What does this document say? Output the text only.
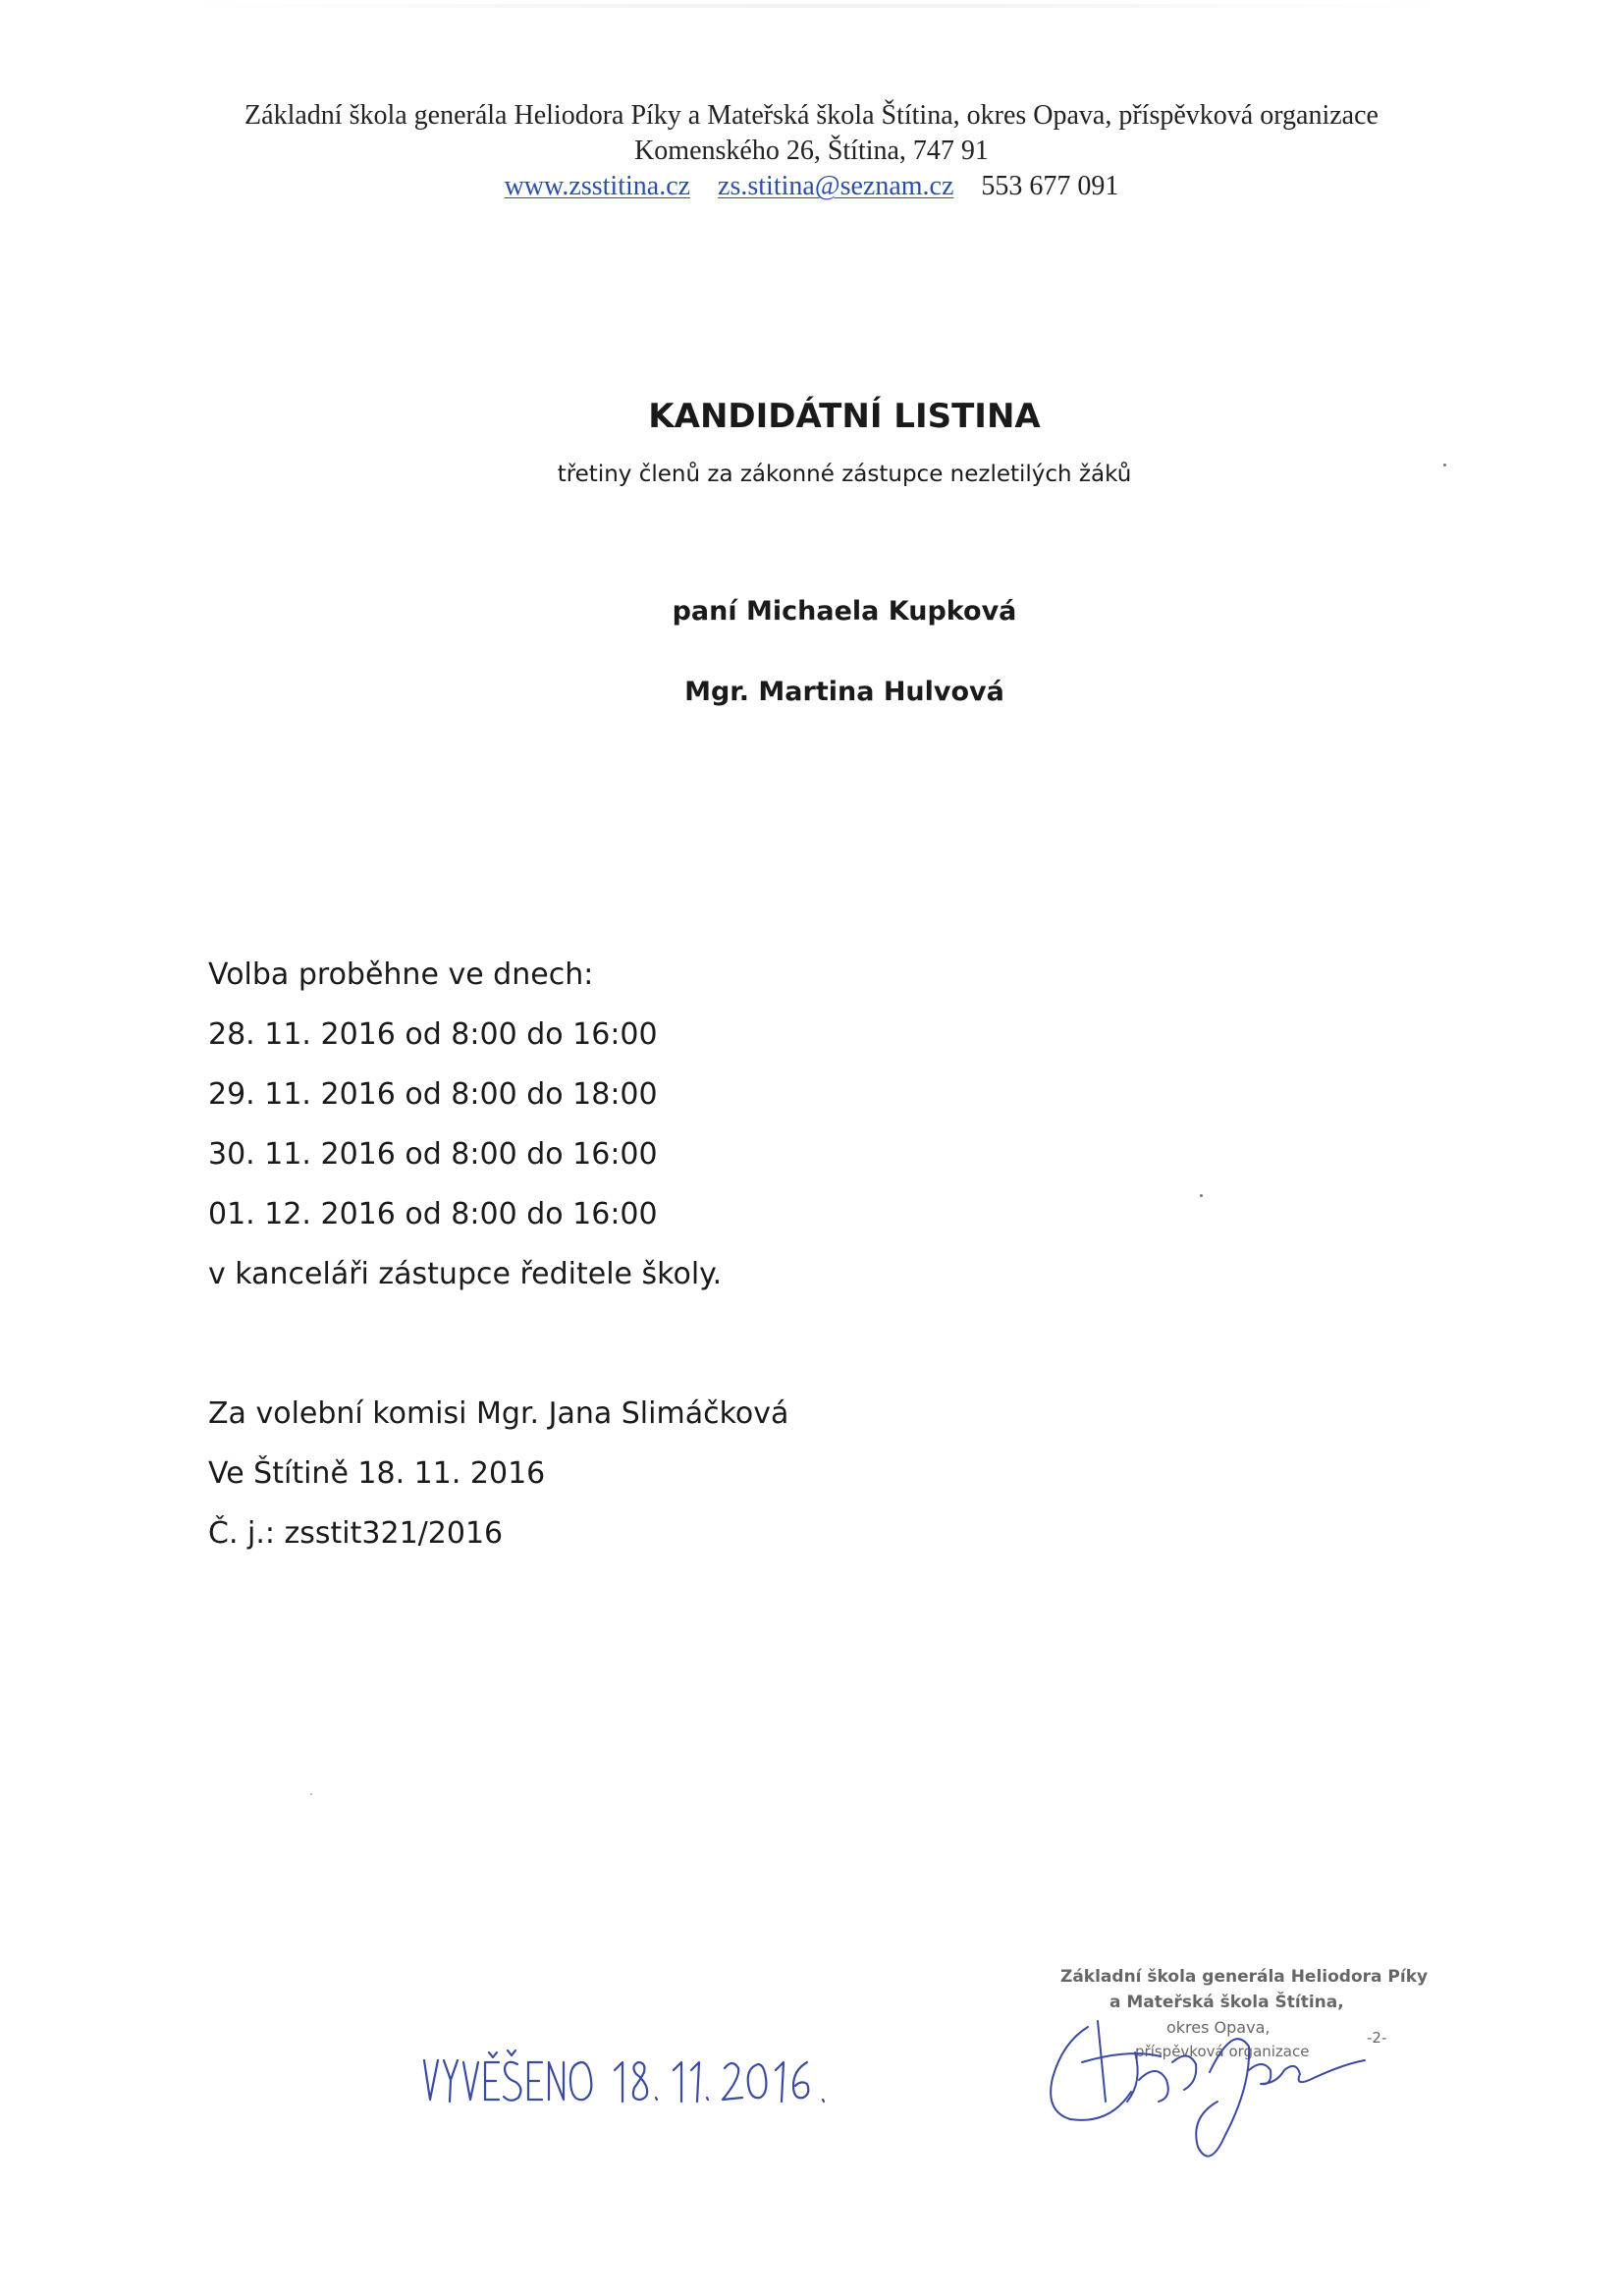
Základní škola generála Heliodora Píky a Mateřská škola Štítina, okres Opava, příspěvková organizace
Komenského 26, Štítina, 747 91
www.zsstitina.cz zs.stitina@seznam.cz 553 677 091
KANDIDÁTNÍ LISTINA
třetiny členů za zákonné zástupce nezletilých žáků
paní Michaela Kupková
Mgr. Martina Hulvová
Volba proběhne ve dnech:
28. 11. 2016 od 8:00 do 16:00
29. 11. 2016 od 8:00 do 18:00
30. 11. 2016 od 8:00 do 16:00
01. 12. 2016 od 8:00 do 16:00
v kanceláři zástupce ředitele školy.
Za volební komisi Mgr. Jana Slimáčková
Ve Štítině 18. 11. 2016
Č. j.: zsstit321/2016
VYVĚŠENO 18. 11. 2016.
Základní škola generála Heliodora Píky
a Mateřská škola Štítina,
okres Opava,
příspěvková organizace
-2-
